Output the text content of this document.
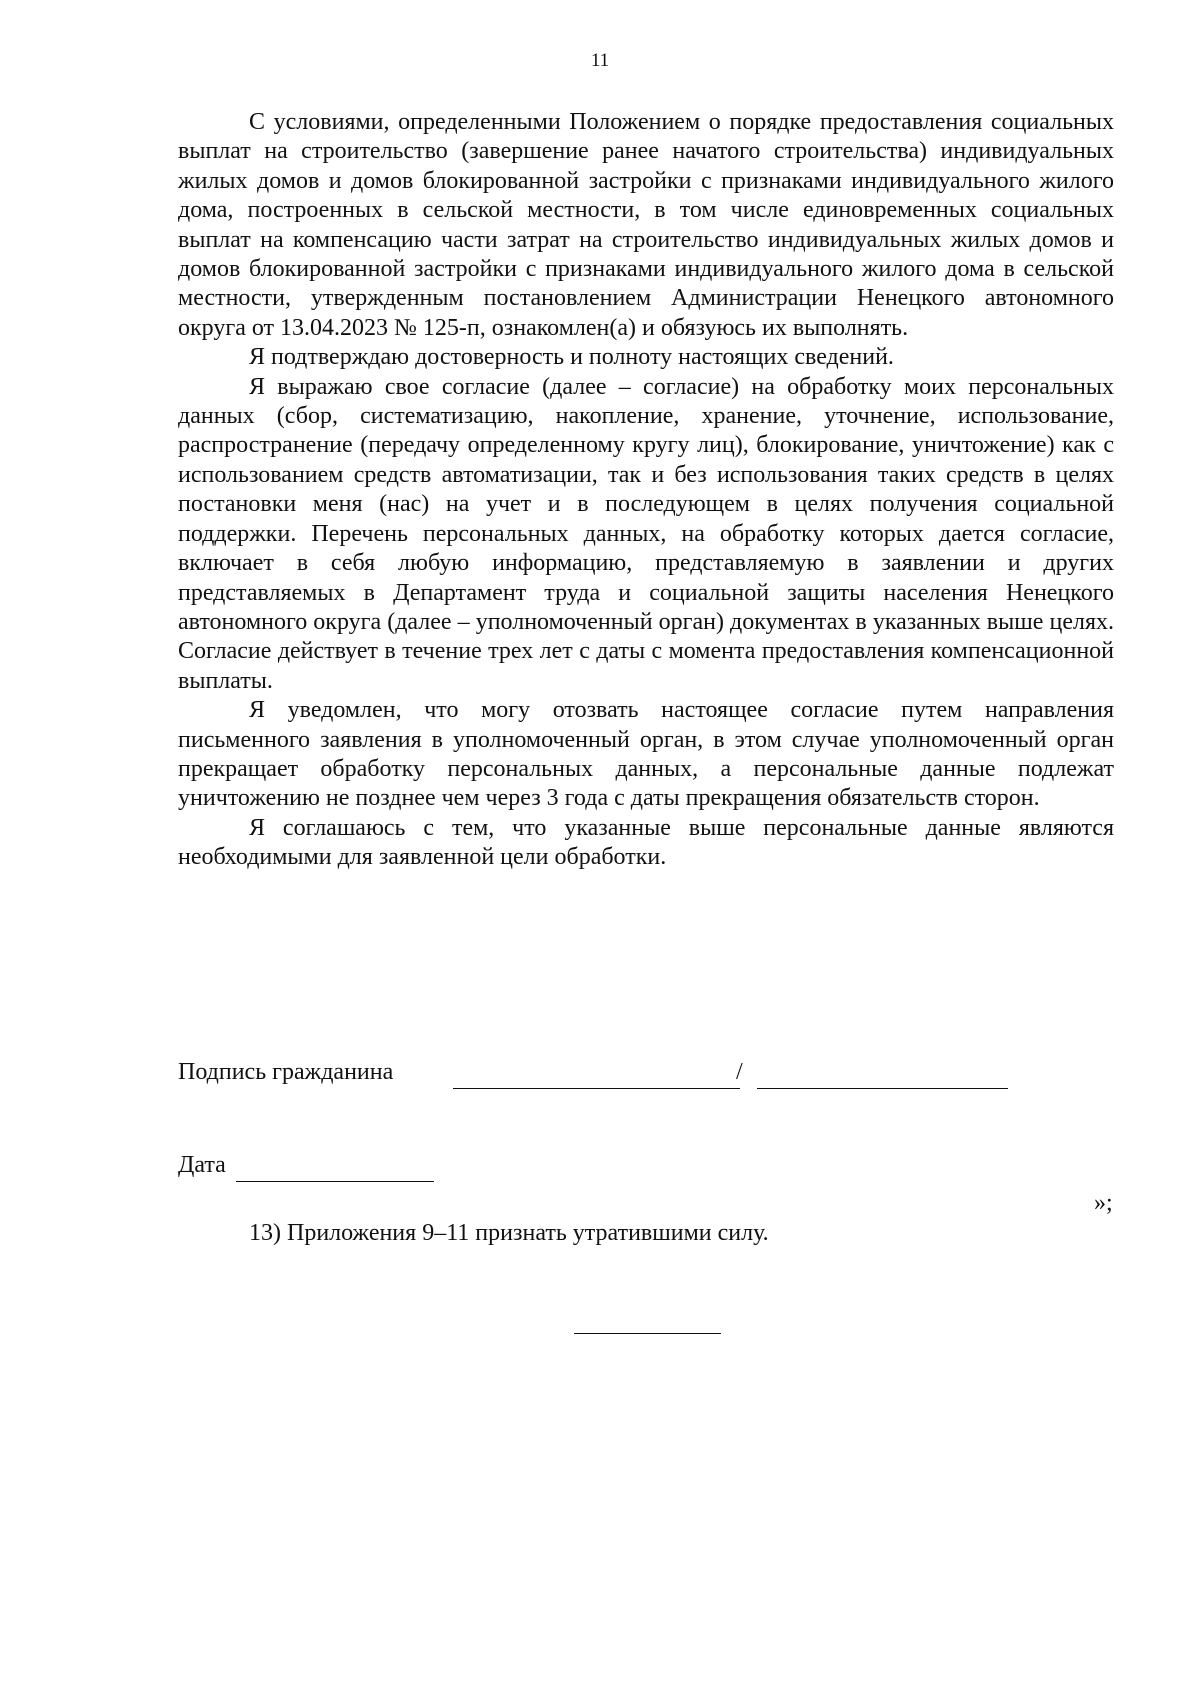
11

С условиями, определенными Положением о порядке предоставления социальных выплат на строительство (завершение ранее начатого строительства) индивидуальных жилых домов и домов блокированной застройки с признаками индивидуального жилого дома, построенных в сельской местности, в том числе единовременных социальных выплат на компенсацию части затрат на строительство индивидуальных жилых домов и домов блокированной застройки с признаками индивидуального жилого дома в сельской местности, утвержденным постановлением Администрации Ненецкого автономного округа от 13.04.2023 № 125-п, ознакомлен(а) и обязуюсь их выполнять.

Я подтверждаю достоверность и полноту настоящих сведений.

Я выражаю свое согласие (далее – согласие) на обработку моих персональных данных (сбор, систематизацию, накопление, хранение, уточнение, использование, распространение (передачу определенному кругу лиц), блокирование, уничтожение) как с использованием средств автоматизации, так и без использования таких средств в целях постановки меня (нас) на учет и в последующем в целях получения социальной поддержки. Перечень персональных данных, на обработку которых дается согласие, включает в себя любую информацию, представляемую в заявлении и других представляемых в Департамент труда и социальной защиты населения Ненецкого автономного округа (далее – уполномоченный орган) документах в указанных выше целях. Согласие действует в течение трех лет с даты с момента предоставления компенсационной выплаты.

Я уведомлен, что могу отозвать настоящее согласие путем направления письменного заявления в уполномоченный орган, в этом случае уполномоченный орган прекращает обработку персональных данных, а персональные данные подлежат уничтожению не позднее чем через 3 года с даты прекращения обязательств сторон.

Я соглашаюсь с тем, что указанные выше персональные данные являются необходимыми для заявленной цели обработки.

Подпись гражданина	/
Дата
»;
13) Приложения 9–11 признать утратившими силу.
